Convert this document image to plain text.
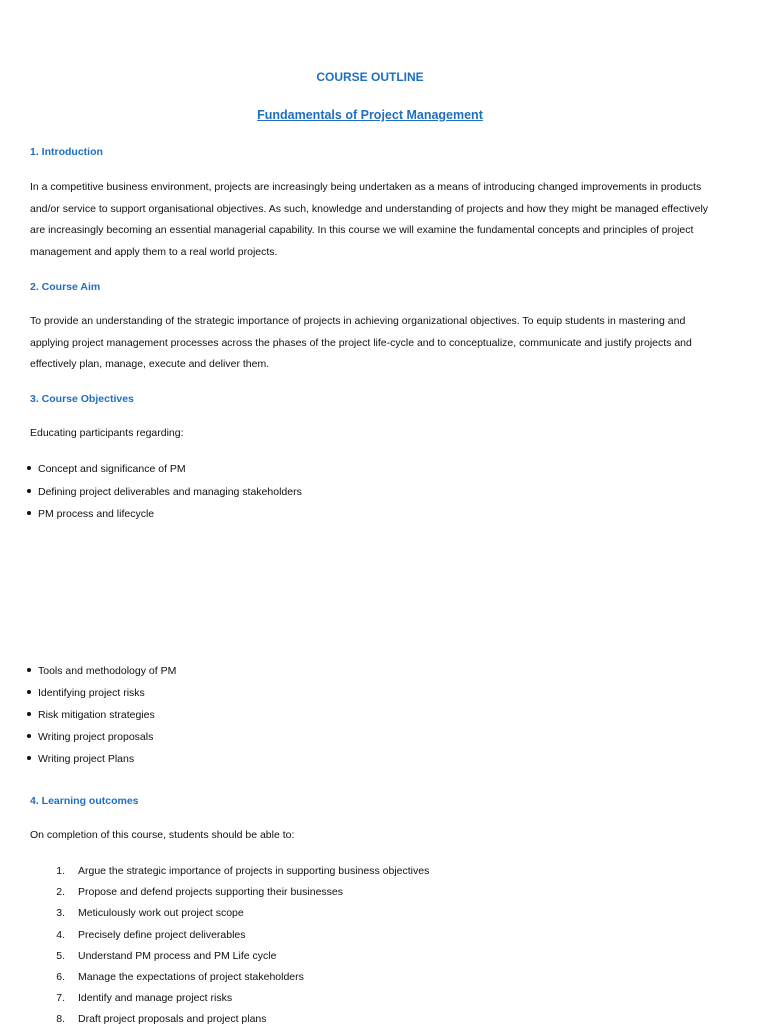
COURSE OUTLINE
Fundamentals of Project Management
1. Introduction

In a competitive business environment, projects are increasingly being undertaken as a means of introducing changed improvements in products and/or service to support organisational objectives. As such, knowledge and understanding of projects and how they might be managed effectively are increasingly becoming an essential managerial capability. In this course we will examine the fundamental concepts and principles of project management and apply them to a real world projects.

2. Course Aim

To provide an understanding of the strategic importance of projects in achieving organizational objectives. To equip students in mastering and applying project management processes across the phases of the project life-cycle and to conceptualize, communicate and justify projects and effectively plan, manage, execute and deliver them.

3. Course Objectives
Educating participants regarding:
Concept and significance of PM
Defining project deliverables and managing stakeholders
PM process and lifecycle
Tools and methodology of PM
Identifying project risks
Risk mitigation strategies
Writing project proposals
Writing project Plans
4. Learning outcomes
On completion of this course, students should be able to:
1. Argue the strategic importance of projects in supporting business objectives
2. Propose and defend projects supporting their businesses
3. Meticulously work out project scope
4. Precisely define project deliverables
5. Understand PM process and PM Life cycle
6. Manage the expectations of project stakeholders
7. Identify and manage project risks
8. Draft project proposals and project plans
